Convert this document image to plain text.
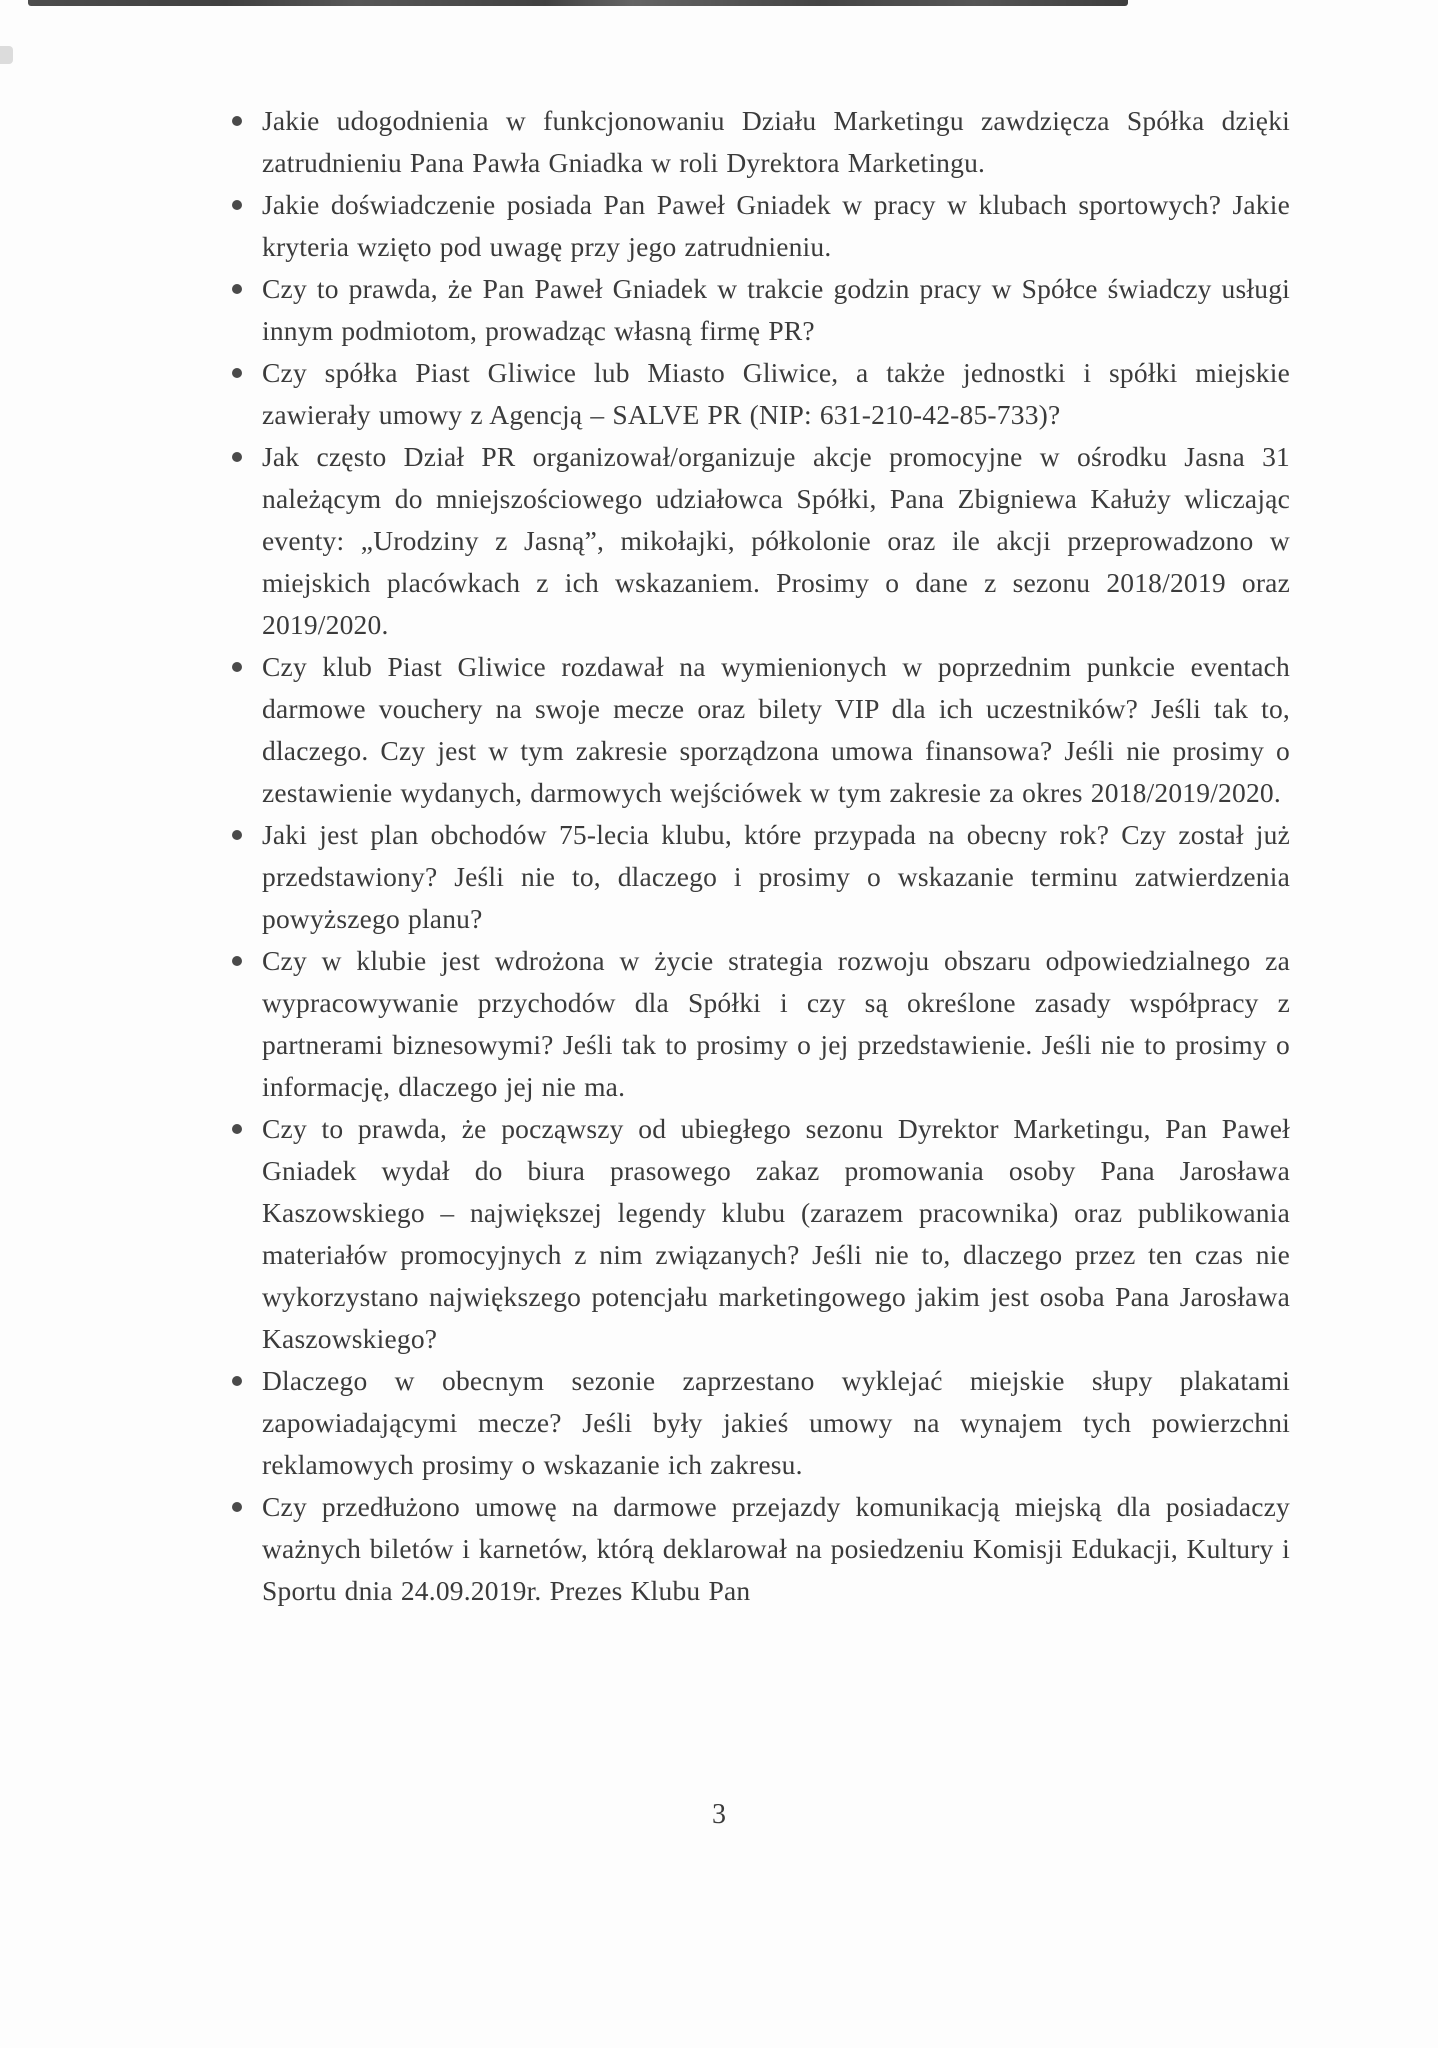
Jakie udogodnienia w funkcjonowaniu Działu Marketingu zawdzięcza Spółka dzięki zatrudnieniu Pana Pawła Gniadka w roli Dyrektora Marketingu.
Jakie doświadczenie posiada Pan Paweł Gniadek w pracy w klubach sportowych? Jakie kryteria wzięto pod uwagę przy jego zatrudnieniu.
Czy to prawda, że Pan Paweł Gniadek w trakcie godzin pracy w Spółce świadczy usługi innym podmiotom, prowadząc własną firmę PR?
Czy spółka Piast Gliwice lub Miasto Gliwice, a także jednostki i spółki miejskie zawierały umowy z Agencją – SALVE PR (NIP: 631-210-42-85-733)?
Jak często Dział PR organizował/organizuje akcje promocyjne w ośrodku Jasna 31 należącym do mniejszościowego udziałowca Spółki, Pana Zbigniewa Kałuży wliczając eventy: „Urodziny z Jasną”, mikołajki, półkolonie oraz ile akcji przeprowadzono w miejskich placówkach z ich wskazaniem. Prosimy o dane z sezonu 2018/2019 oraz 2019/2020.
Czy klub Piast Gliwice rozdawał na wymienionych w poprzednim punkcie eventach darmowe vouchery na swoje mecze oraz bilety VIP dla ich uczestników? Jeśli tak to, dlaczego. Czy jest w tym zakresie sporządzona umowa finansowa? Jeśli nie prosimy o zestawienie wydanych, darmowych wejściówek w tym zakresie za okres 2018/2019/2020.
Jaki jest plan obchodów 75-lecia klubu, które przypada na obecny rok? Czy został już przedstawiony? Jeśli nie to, dlaczego i prosimy o wskazanie terminu zatwierdzenia powyższego planu?
Czy w klubie jest wdrożona w życie strategia rozwoju obszaru odpowiedzialnego za wypracowywanie przychodów dla Spółki i czy są określone zasady współpracy z partnerami biznesowymi? Jeśli tak to prosimy o jej przedstawienie. Jeśli nie to prosimy o informację, dlaczego jej nie ma.
Czy to prawda, że począwszy od ubiegłego sezonu Dyrektor Marketingu, Pan Paweł Gniadek wydał do biura prasowego zakaz promowania osoby Pana Jarosława Kaszowskiego – największej legendy klubu (zarazem pracownika) oraz publikowania materiałów promocyjnych z nim związanych? Jeśli nie to, dlaczego przez ten czas nie wykorzystano największego potencjału marketingowego jakim jest osoba Pana Jarosława Kaszowskiego?
Dlaczego w obecnym sezonie zaprzestano wyklejać miejskie słupy plakatami zapowiadającymi mecze? Jeśli były jakieś umowy na wynajem tych powierzchni reklamowych prosimy o wskazanie ich zakresu.
Czy przedłużono umowę na darmowe przejazdy komunikacją miejską dla posiadaczy ważnych biletów i karnetów, którą deklarował na posiedzeniu Komisji Edukacji, Kultury i Sportu dnia 24.09.2019r. Prezes Klubu Pan
3
